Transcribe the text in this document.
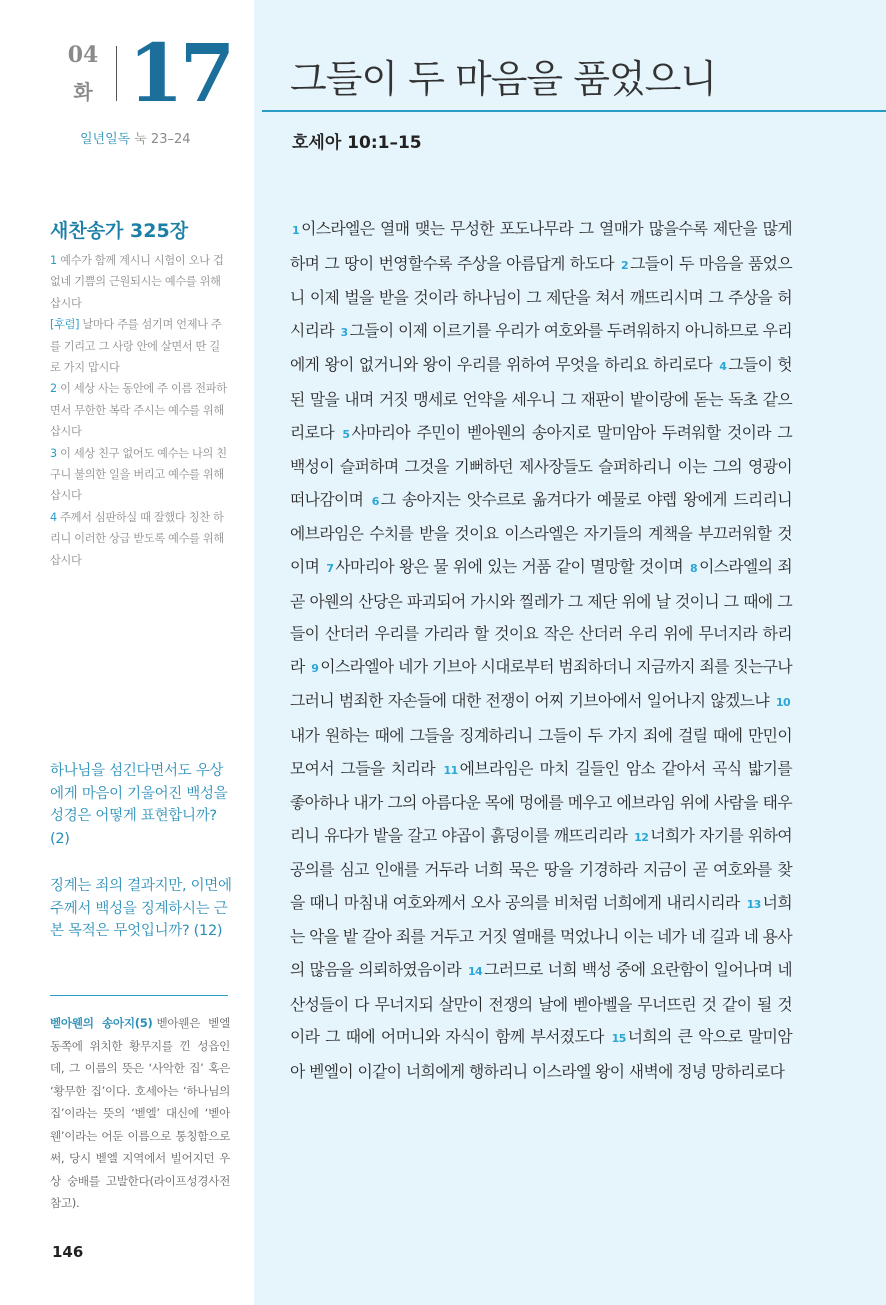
04
화 17
일년일독 눅 23–24
그들이 두 마음을 품었으니
호세아 10:1–15
새찬송가 325장
1 예수가 함께 계시니 시험이 오나 겁 없네 기쁨의 근원되시는 예수를 위해 삽시다
[후렴] 날마다 주를 섬기며 언제나 주를 기리고 그 사랑 안에 살면서 딴 길로 가지 맙시다
2 이 세상 사는 동안에 주 이름 전파하면서 무한한 복락 주시는 예수를 위해 삽시다
3 이 세상 친구 없어도 예수는 나의 친구니 불의한 일을 버리고 예수를 위해 삽시다
4 주께서 심판하실 때 잘했다 칭찬 하리니 이러한 상급 받도록 예수를 위해 삽시다
하나님을 섬긴다면서도 우상에게 마음이 기울어진 백성을 성경은 어떻게 표현합니까? (2)
징계는 죄의 결과지만, 이면에 주께서 백성을 징계하시는 근본 목적은 무엇입니까? (12)
벧아웬의 송아지(5) 벧아웬은 벧엘 동쪽에 위치한 황무지를 낀 성읍인데, 그 이름의 뜻은 ‘사악한 집’ 혹은 ‘황무한 집’이다. 호세아는 ‘하나님의 집’이라는 뜻의 ‘벧엘’ 대신에 ‘벧아웬’이라는 어둔 이름으로 통칭함으로써, 당시 벧엘 지역에서 빌어지던 우상 숭배를 고발한다(라이프성경사전 참고).
146
1 이스라엘은 열매 맺는 무성한 포도나무라 그 열매가 많을수록 제단을 많게 하며 그 땅이 번영할수록 주상을 아름답게 하도다 2 그들이 두 마음을 품었으니 이제 벌을 받을 것이라 하나님이 그 제단을 쳐서 깨뜨리시며 그 주상을 허시리라 3 그들이 이제 이르기를 우리가 여호와를 두려워하지 아니하므로 우리에게 왕이 없거니와 왕이 우리를 위하여 무엇을 하리요 하리로다 4 그들이 헛된 말을 내며 거짓 맹세로 언약을 세우니 그 재판이 밭이랑에 돋는 독초 같으리로다 5 사마리아 주민이 벧아웬의 송아지로 말미암아 두려워할 것이라 그 백성이 슬퍼하며 그것을 기뻐하던 제사장들도 슬퍼하리니 이는 그의 영광이 떠나감이며 6 그 송아지는 앗수르로 옮겨다가 예물로 야렙 왕에게 드리리니 에브라임은 수치를 받을 것이요 이스라엘은 자기들의 계책을 부끄러워할 것이며 7 사마리아 왕은 물 위에 있는 거품 같이 멸망할 것이며 8 이스라엘의 죄 곧 아웬의 산당은 파괴되어 가시와 찔레가 그 제단 위에 날 것이니 그 때에 그들이 산더러 우리를 가리라 할 것이요 작은 산더러 우리 위에 무너지라 하리라 9 이스라엘아 네가 기브아 시대로부터 범죄하더니 지금까지 죄를 짓는구나 그러니 범죄한 자손들에 대한 전쟁이 어찌 기브아에서 일어나지 않겠느냐 10내가 원하는 때에 그들을 징계하리니 그들이 두 가지 죄에 걸릴 때에 만민이 모여서 그들을 치리라 11 에브라임은 마치 길들인 암소 같아서 곡식 밟기를 좋아하나 내가 그의 아름다운 목에 멍에를 메우고 에브라임 위에 사람을 태우리니 유다가 밭을 갈고 야곱이 흙덩이를 깨뜨리리라 12 너희가 자기를 위하여 공의를 심고 인애를 거두라 너희 묵은 땅을 기경하라 지금이 곧 여호와를 찾을 때니 마침내 여호와께서 오사 공의를 비처럼 너희에게 내리시리라 13 너희는 악을 밭 갈아 죄를 거두고 거짓 열매를 먹었나니 이는 네가 네 길과 네 용사의 많음을 의뢰하였음이라 14 그러므로 너희 백성 중에 요란함이 일어나며 네 산성들이 다 무너지되 살만이 전쟁의 날에 벧아벨을 무너뜨린 것 같이 될 것이라 그 때에 어머니와 자식이 함께 부서졌도다 15 너희의 큰 악으로 말미암아 벧엘이 이같이 너희에게 행하리니 이스라엘 왕이 새벽에 정녕 망하리로다
